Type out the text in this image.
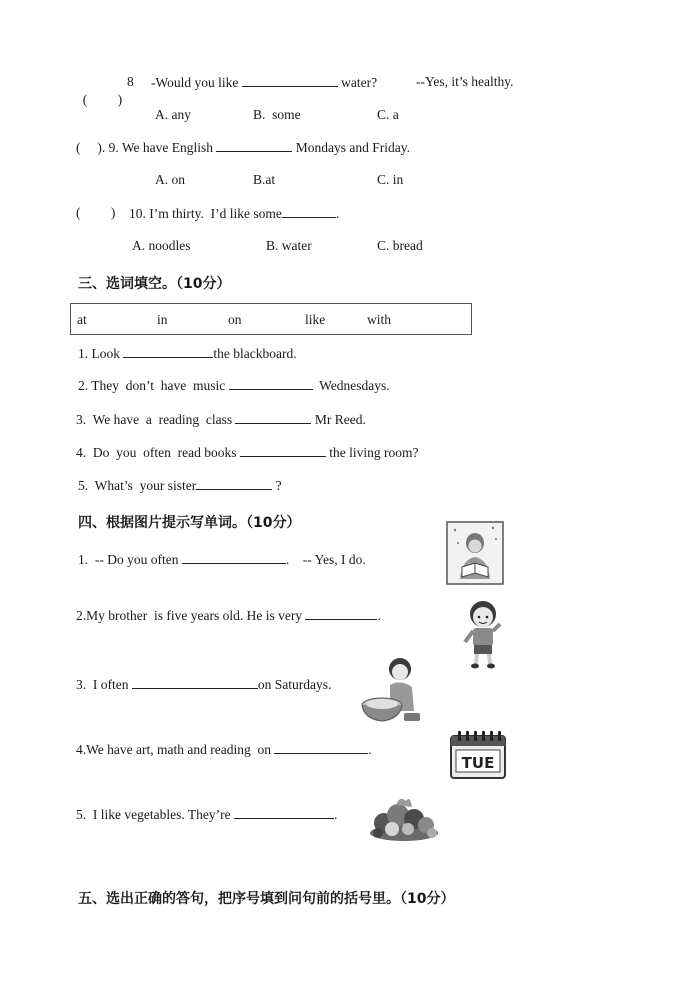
(         )

8 -Would you like	water?	--Yes, it’s healthy.
A. any	B.  some	C. a
(     ). 9. We have English	Mondays and Friday.
A. on	B.at	C. in
(         ) 10. I’m thirty.  I’d like some	.
A. noodles	B. water	C. bread
三、选词填空。（10分）
at	in	on	like	with
1. Look	the blackboard.
2. They  don’t  have  music	Wednesdays.
3.  We have  a  reading  class	Mr Reed.
4.  Do  you  often  read books	the living room?
5.  What’s  your sister	?
四、根据图片提示写单词。（10分）
1.  -- Do you often	.    -- Yes, I do.
2.My brother  is five years old. He is very	.
3.  I often	on Saturdays.
4.We have art, math and reading  on	.
5.  I like vegetables. They’re	.
TUE
五、选出正确的答句，把序号填到问句前的括号里。（10分）
